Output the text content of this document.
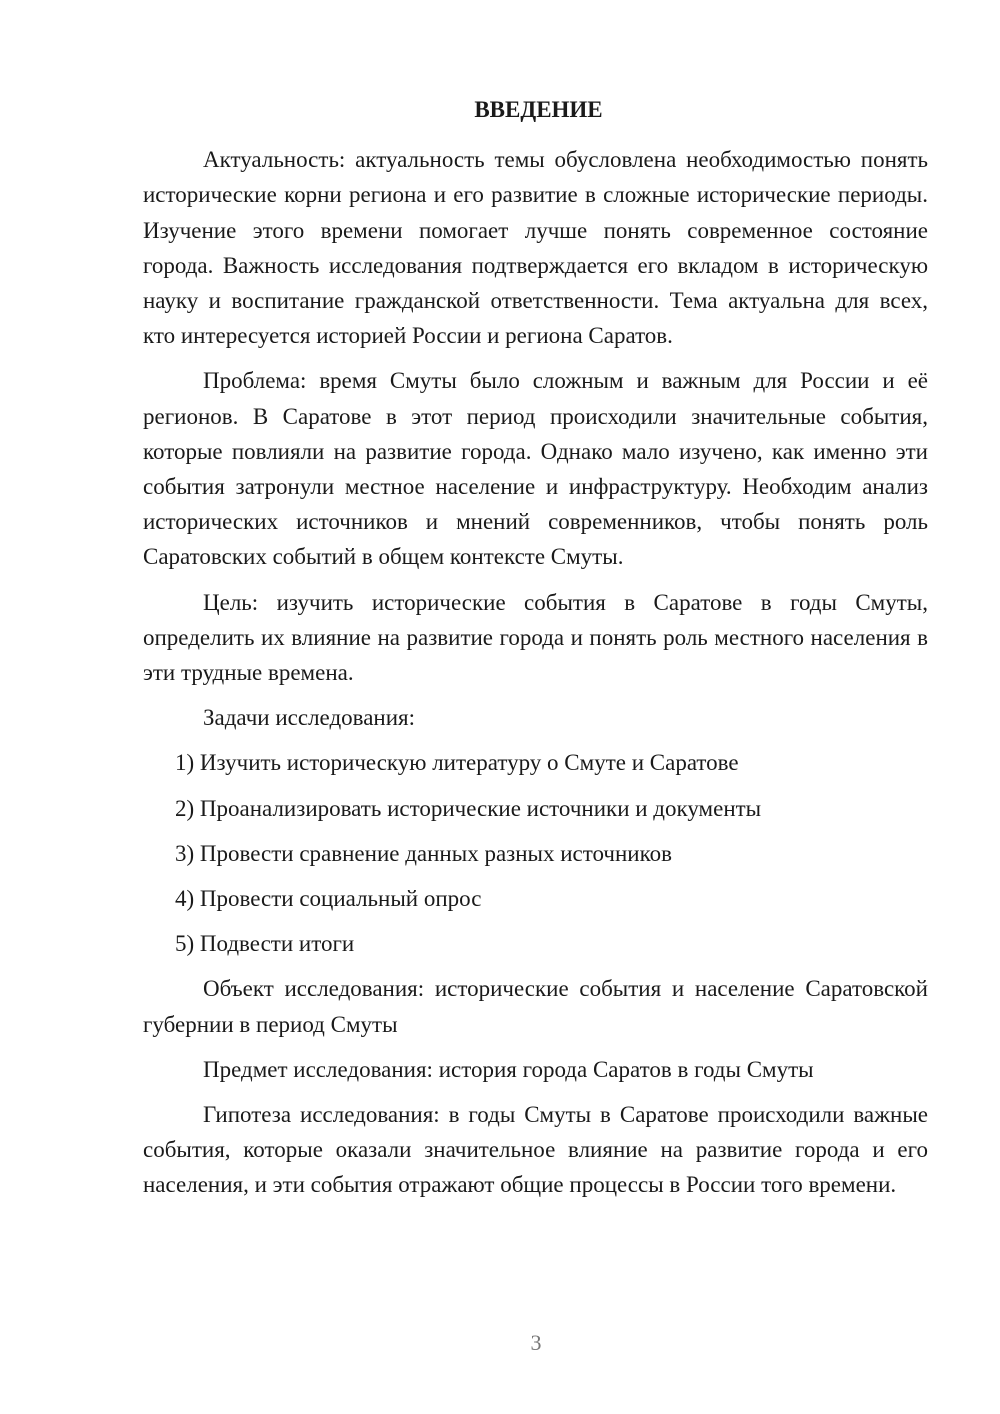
ВВЕДЕНИЕ

Актуальность: актуальность темы обусловлена необходимостью понять исторические корни региона и его развитие в сложные исторические периоды. Изучение этого времени помогает лучше понять современное состояние города. Важность исследования подтверждается его вкладом в историческую науку и воспитание гражданской ответственности. Тема актуальна для всех, кто интересуется историей России и региона Саратов.

Проблема: время Смуты было сложным и важным для России и её регионов. В Саратове в этот период происходили значительные события, которые повлияли на развитие города. Однако мало изучено, как именно эти события затронули местное население и инфраструктуру. Необходим анализ исторических источников и мнений современников, чтобы понять роль Саратовских событий в общем контексте Смуты.

Цель: изучить исторические события в Саратове в годы Смуты, определить их влияние на развитие города и понять роль местного населения в эти трудные времена.

Задачи исследования:
1) Изучить историческую литературу о Смуте и Саратове
2) Проанализировать исторические источники и документы
3) Провести сравнение данных разных источников
4) Провести социальный опрос
5) Подвести итоги

Объект исследования: исторические события и население Саратовской губернии в период Смуты

Предмет исследования: история города Саратов в годы Смуты

Гипотеза исследования: в годы Смуты в Саратове происходили важные события, которые оказали значительное влияние на развитие города и его населения, и эти события отражают общие процессы в России того времени.

3
